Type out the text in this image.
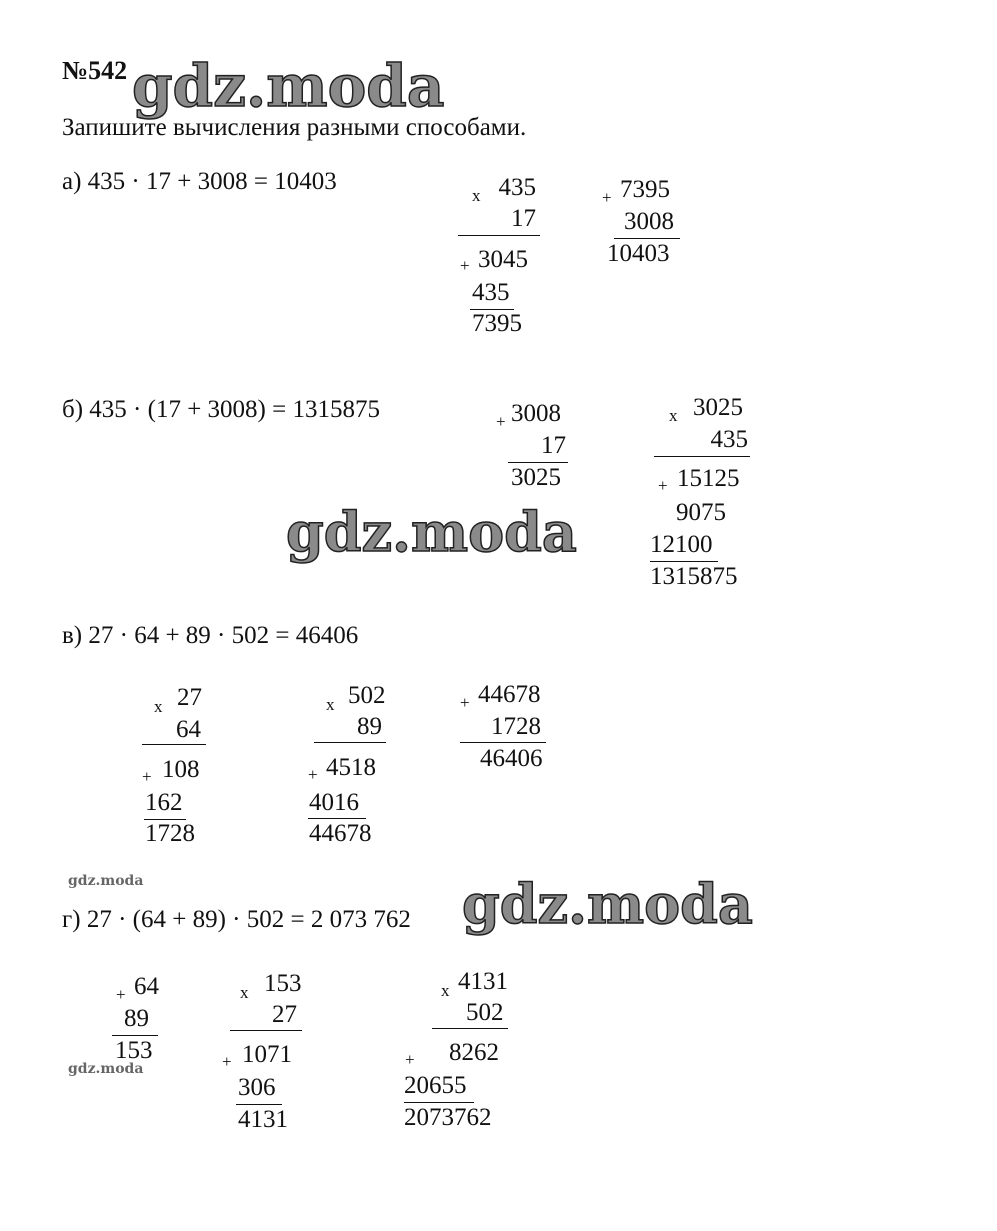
№542 gdz.moda
Запишите вычисления разными способами.
а) 435 · 17 + 3008 = 10403
x 435
17
+ 3045
435
7395
+ 7395
3008
10403
б) 435 · (17 + 3008) = 1315875	+ 3008
17
3025
x 3025
435
+ 15125
9075
12100
1315875
gdz.moda
в) 27 · 64 + 89 · 502 = 46406
x 27
64
+ 108
162
1728
x 502
89
+ 4518
4016
44678
+ 44678
1728
46406
gdz.moda
г) 27 · (64 + 89) · 502 = 2 073 762 gdz.moda
+ 64
89
153
gdz.moda
x 153
27
+ 1071
306
4131
x 4131
502
+ 8262
20655
2073762
